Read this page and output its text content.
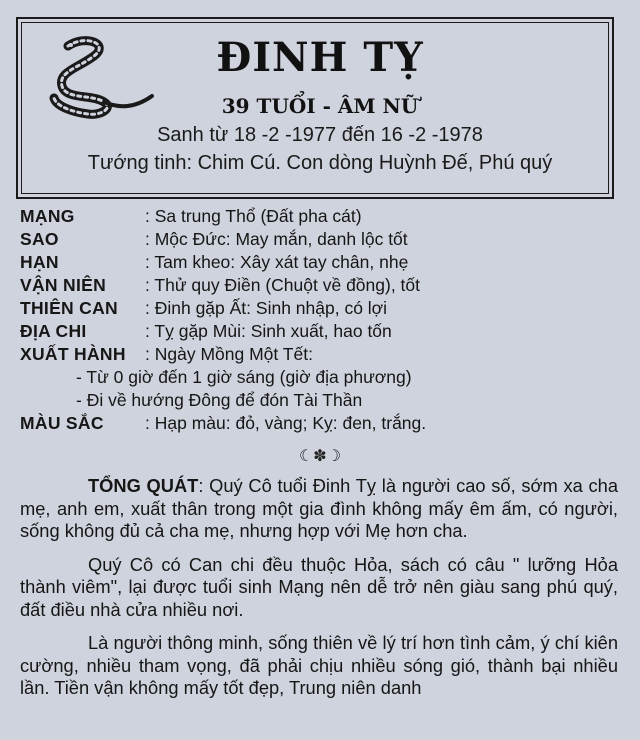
ĐINH TỴ
39 TUỔI - ÂM NỮ
Sanh từ 18 -2 -1977 đến 16 -2 -1978
Tướng tinh: Chim Cú. Con dòng Huỳnh Đế, Phú quý
MẠNG	: Sa trung Thổ (Đất pha cát)
SAO	: Mộc Đức: May mắn, danh lộc tốt
HẠN	: Tam kheo: Xây xát tay chân, nhẹ
VẬN NIÊN : Thử quy Điền (Chuột về đồng), tốt
THIÊN CAN : Đinh gặp Ất: Sinh nhập, có lợi
ĐỊA CHI	: Tỵ gặp Mùi: Sinh xuất, hao tốn
XUẤT HÀNH : Ngày Mồng Một Tết:
- Từ 0 giờ đến 1 giờ sáng (giờ địa phương)
- Đi về hướng Đông để đón Tài Thần
MÀU SẮC : Hạp màu: đỏ, vàng; Kỵ: đen, trắng.
☾✽☽

TỔNG QUÁT: Quý Cô tuổi Đinh Tỵ là người cao số, sớm xa cha mẹ, anh em, xuất thân trong một gia đình không mấy êm ấm, có người, sống không đủ cả cha mẹ, nhưng hợp với Mẹ hơn cha.

Quý Cô có Can chi đều thuộc Hỏa, sách có câu " lưỡng Hỏa thành viêm", lại được tuổi sinh Mạng nên dễ trở nên giàu sang phú quý, đất điều nhà cửa nhiều nơi.

Là người thông minh, sống thiên về lý trí hơn tình cảm, ý chí kiên cường, nhiều tham vọng, đã phải chịu nhiều sóng gió, thành bại nhiều lần. Tiền vận không mấy tốt đẹp, Trung niên danh
